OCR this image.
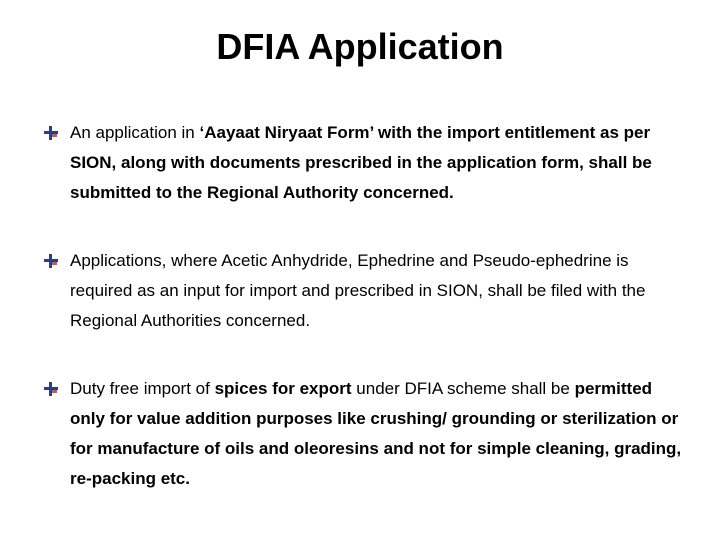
DFIA Application
An application in ‘Aayaat Niryaat Form’ with the import entitlement as per SION, along with documents prescribed in the application form, shall be submitted to the Regional Authority concerned.
Applications, where Acetic Anhydride, Ephedrine and Pseudo-ephedrine is required as an input for import and prescribed in SION, shall be filed with the Regional Authorities concerned.
Duty free import of spices for export under DFIA scheme shall be permitted only for value addition purposes like crushing/ grounding or sterilization or for manufacture of oils and oleoresins and not for simple cleaning, grading, re-packing etc.
